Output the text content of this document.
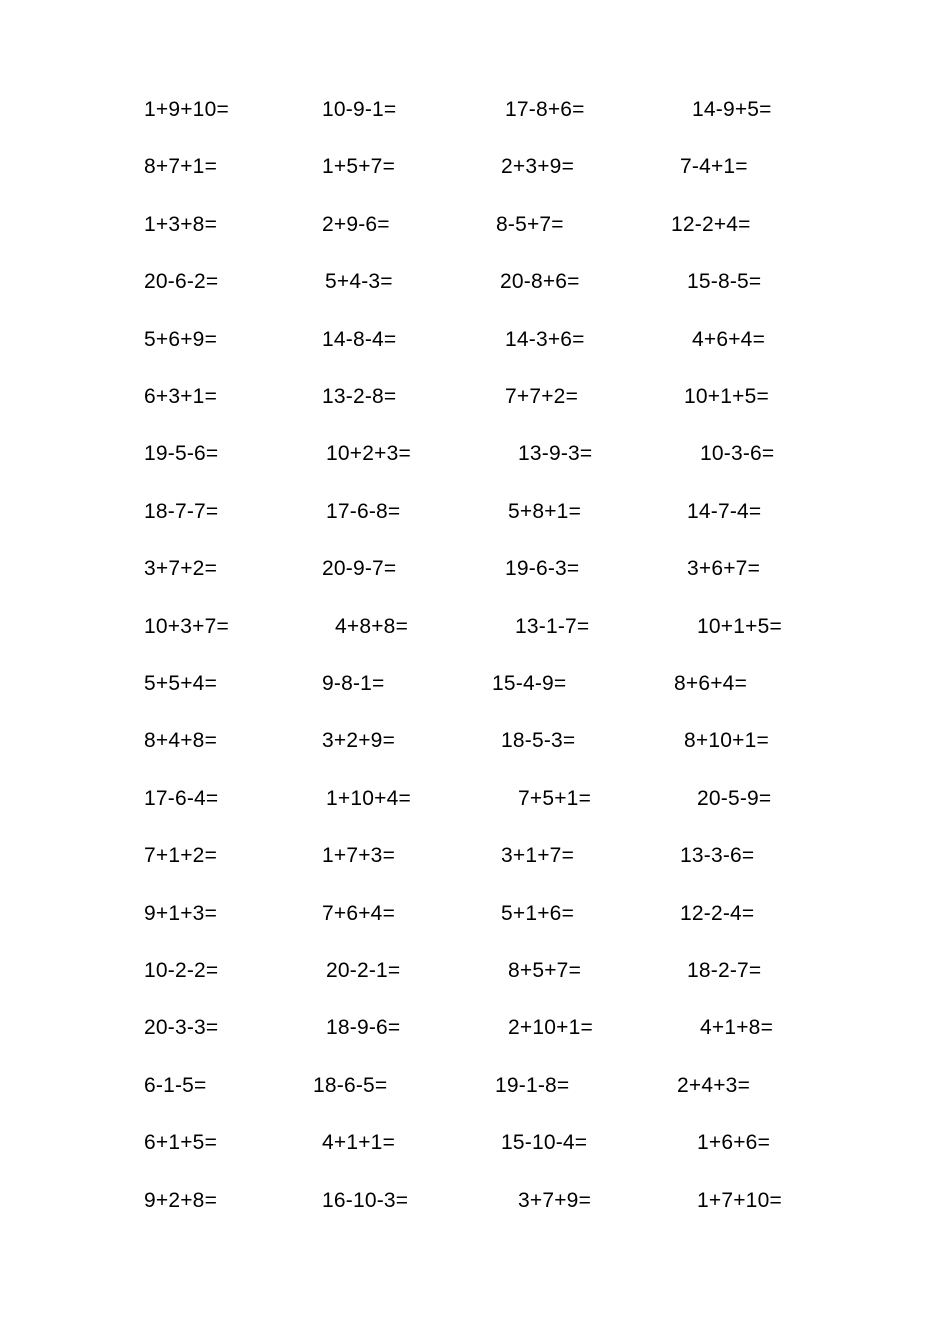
1+9+10=	10-9-1=	17-8+6=	14-9+5=
8+7+1=	1+5+7=	2+3+9=	7-4+1=
1+3+8=	2+9-6=	8-5+7=	12-2+4=
20-6-2=	5+4-3=	20-8+6=	15-8-5=
5+6+9=	14-8-4=	14-3+6=	4+6+4=
6+3+1=	13-2-8=	7+7+2=	10+1+5=
19-5-6=	10+2+3=	13-9-3=	10-3-6=
18-7-7=	17-6-8=	5+8+1=	14-7-4=
3+7+2=	20-9-7=	19-6-3=	3+6+7=
10+3+7=	4+8+8=	13-1-7=	10+1+5=
5+5+4=	9-8-1=	15-4-9=	8+6+4=
8+4+8=	3+2+9=	18-5-3=	8+10+1=
17-6-4=	1+10+4=	7+5+1=	20-5-9=
7+1+2=	1+7+3=	3+1+7=	13-3-6=
9+1+3=	7+6+4=	5+1+6=	12-2-4=
10-2-2=	20-2-1=	8+5+7=	18-2-7=
20-3-3=	18-9-6=	2+10+1=	4+1+8=
6-1-5=	18-6-5=	19-1-8=	2+4+3=
6+1+5=	4+1+1=	15-10-4=	1+6+6=
9+2+8=	16-10-3=	3+7+9=	1+7+10=
